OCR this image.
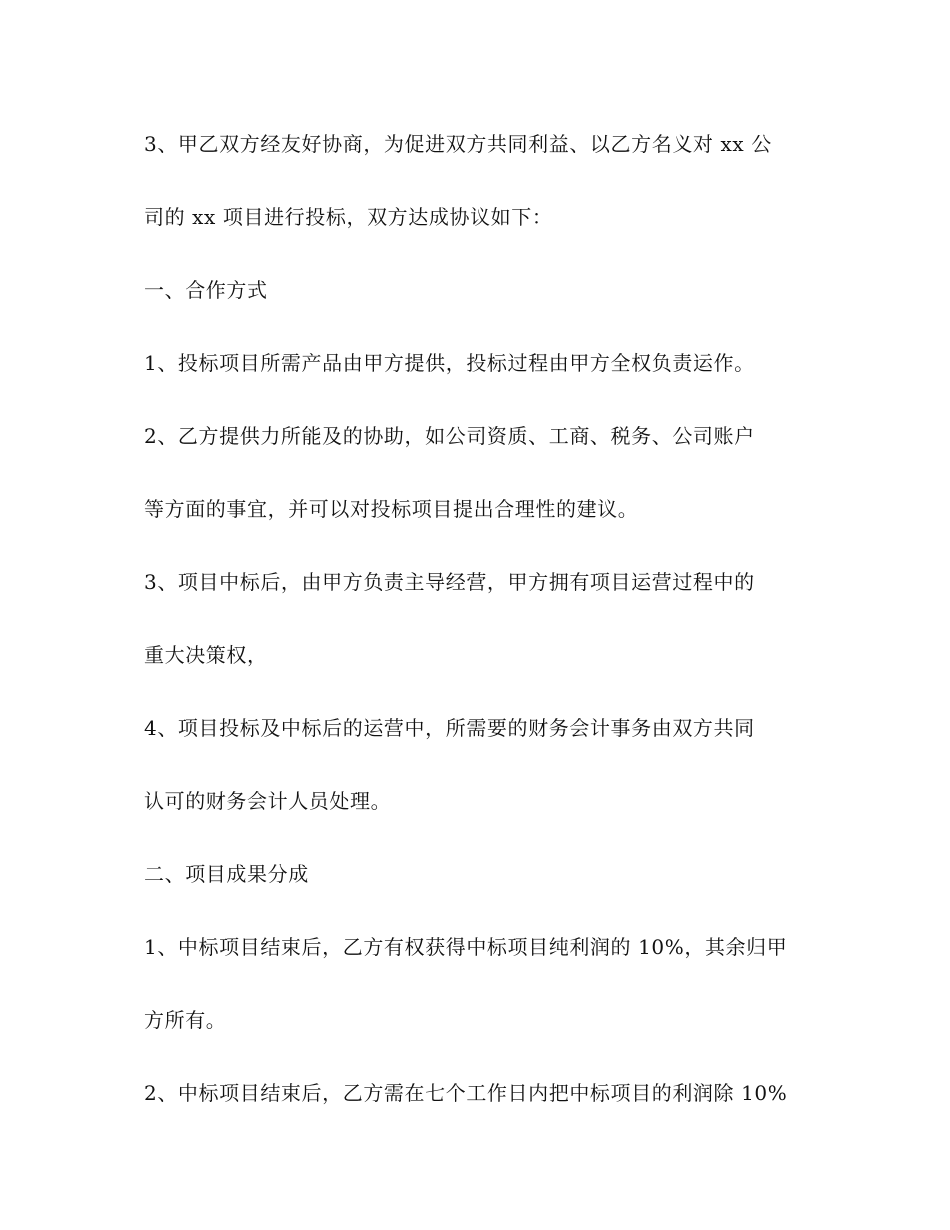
3、甲乙双方经友好协商，为促进双方共同利益、以乙方名义对 xx 公

司的 xx 项目进行投标，双方达成协议如下：

一、合作方式

1、投标项目所需产品由甲方提供，投标过程由甲方全权负责运作。

2、乙方提供力所能及的协助，如公司资质、工商、税务、公司账户

等方面的事宜，并可以对投标项目提出合理性的建议。

3、项目中标后，由甲方负责主导经营，甲方拥有项目运营过程中的

重大决策权，

4、项目投标及中标后的运营中，所需要的财务会计事务由双方共同

认可的财务会计人员处理。

二、项目成果分成

1、中标项目结束后，乙方有权获得中标项目纯利润的 10%，其余归甲

方所有。

2、中标项目结束后，乙方需在七个工作日内把中标项目的利润除 10%
